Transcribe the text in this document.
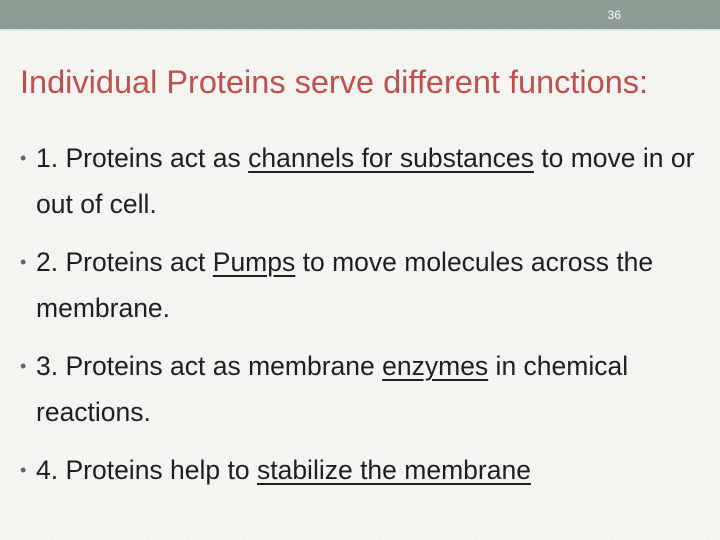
36
Individual Proteins serve different functions:
• 1. Proteins act as channels for substances to move in or out of cell.
• 2. Proteins act Pumps to move molecules across the membrane.
• 3. Proteins act as membrane enzymes in chemical reactions.
• 4. Proteins help to stabilize the membrane
